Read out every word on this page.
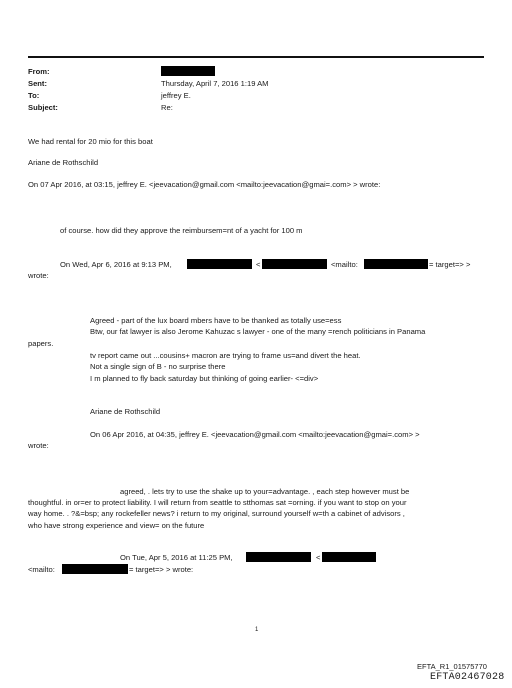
From:
Sent:	Thursday, April 7, 2016 1:19 AM
To:	jeffrey E.
Subject:	Re:
We had rental for 20 mio for this boat
Ariane de Rothschild
On 07 Apr 2016, at 03:15, jeffrey E. <jeevacation@gmail.com <mailto:jeevacation@gmai=.com> > wrote:
of course. how did they approve the reimbursem=nt of a yacht for 100 m
On Wed, Apr 6, 2016 at 9:13 PM,	<	<mailto:	= target=> >
wrote:
Agreed - part of the lux board mbers have to be thanked as totally use=ess
Btw, our fat lawyer is also Jerome Kahuzac s lawyer - one of the many =rench politicians in Panama
papers.
tv report came out ...cousins+ macron are trying to frame us=and divert the heat.
Not a single sign of B - no surprise there
I m planned to fly back saturday but thinking of going earlier- <=div>
Ariane de Rothschild
On 06 Apr 2016, at 04:35, jeffrey E. <jeevacation@gmail.com <mailto:jeevacation@gmai=.com> >
wrote:
agreed, . lets try to use the shake up to your=advantage. , each step however must be
thoughtful. in or=er to protect liability. I will return from seattle to stthomas sat =orning. if you want to stop on your
way home. . ?&=bsp; any rockefeller news? i return to my original, surround yourself w=th a cabinet of advisors ,
who have strong experience and view= on the future
On Tue, Apr 5, 2016 at 11:25 PM,	<
<mailto:	= target=> > wrote:
1
EFTA_R1_01575770
EFTA02467028
